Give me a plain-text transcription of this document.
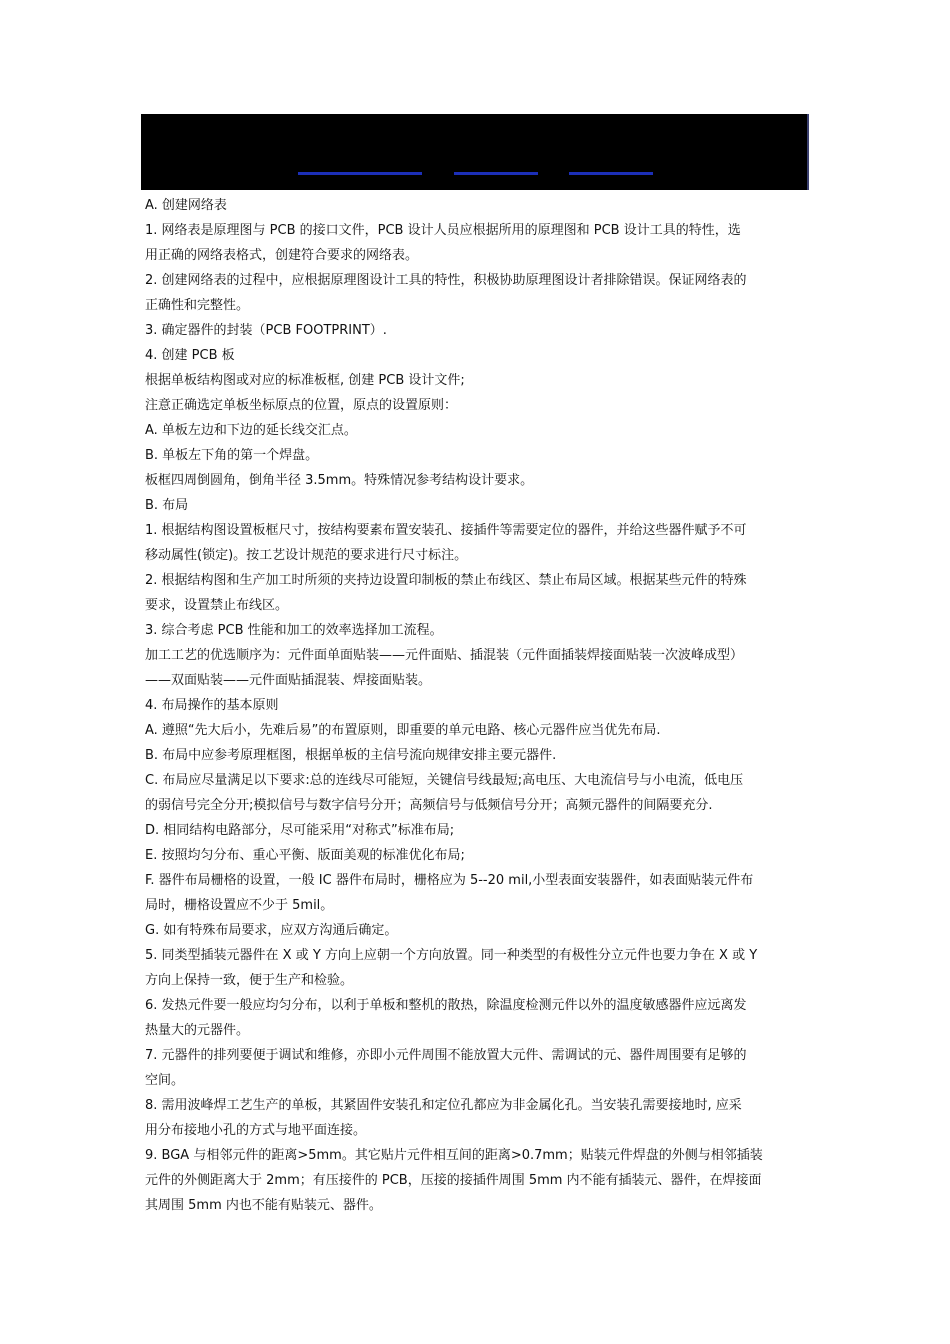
A. 创建网络表
1. 网络表是原理图与 PCB 的接口文件，PCB 设计人员应根据所用的原理图和 PCB 设计工具的特性，选
用正确的网络表格式，创建符合要求的网络表。
2. 创建网络表的过程中，应根据原理图设计工具的特性，积极协助原理图设计者排除错误。保证网络表的
正确性和完整性。
3. 确定器件的封装（PCB FOOTPRINT）.
4. 创建 PCB 板
根据单板结构图或对应的标准板框, 创建 PCB 设计文件;
注意正确选定单板坐标原点的位置，原点的设置原则：
A. 单板左边和下边的延长线交汇点。
B. 单板左下角的第一个焊盘。
板框四周倒圆角，倒角半径 3.5mm。特殊情况参考结构设计要求。
B. 布局
1. 根据结构图设置板框尺寸，按结构要素布置安装孔、接插件等需要定位的器件，并给这些器件赋予不可
移动属性(锁定)。按工艺设计规范的要求进行尺寸标注。
2. 根据结构图和生产加工时所须的夹持边设置印制板的禁止布线区、禁止布局区域。根据某些元件的特殊
要求，设置禁止布线区。
3. 综合考虑 PCB 性能和加工的效率选择加工流程。
加工工艺的优选顺序为：元件面单面贴装——元件面贴、插混装（元件面插装焊接面贴装一次波峰成型）
——双面贴装——元件面贴插混装、焊接面贴装。
4. 布局操作的基本原则
A. 遵照“先大后小，先难后易”的布置原则，即重要的单元电路、核心元器件应当优先布局.
B. 布局中应参考原理框图，根据单板的主信号流向规律安排主要元器件.
C. 布局应尽量满足以下要求:总的连线尽可能短，关键信号线最短;高电压、大电流信号与小电流，低电压
的弱信号完全分开;模拟信号与数字信号分开；高频信号与低频信号分开；高频元器件的间隔要充分.
D. 相同结构电路部分，尽可能采用“对称式”标准布局;
E. 按照均匀分布、重心平衡、版面美观的标准优化布局;
F. 器件布局栅格的设置，一般 IC 器件布局时，栅格应为 5--20 mil,小型表面安装器件，如表面贴装元件布
局时，栅格设置应不少于 5mil。
G. 如有特殊布局要求，应双方沟通后确定。
5. 同类型插装元器件在 X 或 Y 方向上应朝一个方向放置。同一种类型的有极性分立元件也要力争在 X 或 Y
方向上保持一致，便于生产和检验。
6. 发热元件要一般应均匀分布，以利于单板和整机的散热，除温度检测元件以外的温度敏感器件应远离发
热量大的元器件。
7. 元器件的排列要便于调试和维修，亦即小元件周围不能放置大元件、需调试的元、器件周围要有足够的
空间。
8. 需用波峰焊工艺生产的单板，其紧固件安装孔和定位孔都应为非金属化孔。当安装孔需要接地时, 应采
用分布接地小孔的方式与地平面连接。
9. BGA 与相邻元件的距离>5mm。其它贴片元件相互间的距离>0.7mm；贴装元件焊盘的外侧与相邻插装
元件的外侧距离大于 2mm；有压接件的 PCB，压接的接插件周围 5mm 内不能有插装元、器件，在焊接面
其周围 5mm 内也不能有贴装元、器件。
